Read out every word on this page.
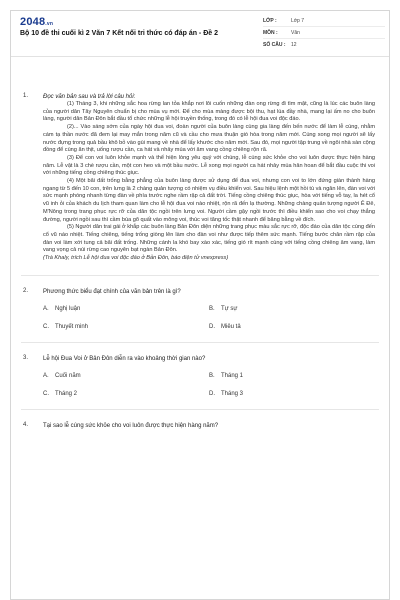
2048.vn
Bộ 10 đề thi cuối kì 2 Văn 7 Kết nối tri thức có đáp án - Đề 2
LỚP :	Lớp 7
MÔN :	Văn
SỐ CÂU :	12
1. Đọc văn bản sau và trả lời câu hỏi:

(1) Tháng 3, khi những sắc hoa rừng lan tỏa khắp nơi lôi cuốn những đàn ong rừng đi tìm mật, cũng là lúc các buôn làng của người dân Tây Nguyên chuẩn bị cho mùa vụ mới. Để cho mùa màng được bội thu, hạt lúa đầy nhà, mang lại ấm no cho buôn làng, người dân Bản Đôn bắt đầu tổ chức những lễ hội truyền thống, trong đó có lễ hội đua voi độc đáo.

(2)... Vào sáng sớm của ngày hội đua voi, đoàn người của buôn làng cùng gia làng đến bến nước để làm lễ cúng, nhằm cám tạ thần nước đã đem lại may mắn trong năm cũ và cầu cho mưa thuận gió hòa trong năm mới. Cúng xong mọi người sẽ lấy nước đựng trong quả bầu khô bỏ vào gùi mang về nhà để lấy khước cho năm mới. Sau đó, mọi người tập trung về ngôi nhà sàn cộng đồng để cùng ăn thịt, uống rượu cần, ca hát và nhảy múa với âm vang cồng chiêng rộn rã.

(3) Để con voi luôn khỏe mạnh và thể hiện lòng yêu quý với chúng, lễ cúng sức khỏe cho voi luôn được thực hiện hàng năm. Lễ vật là 3 chè rượu cần, một con heo và một bầu nước. Lễ xong mọi người ca hát nhảy múa hân hoan để bắt đầu cuộc thi voi với những tiếng cồng chiêng thúc giục.

(4) Một bãi đất trống bằng phẳng của buôn làng được sử dụng để đua voi, nhưng con voi to lớn đứng giàn thành hàng ngang từ 5 đến 10 con, trên lưng là 2 chàng quản tượng có nhiệm vụ điều khiển voi. Sau hiệu lệnh một hồi tù và ngân lên, đàn voi với sức mạnh phóng nhanh từng đàn về phía trước nghe rầm rập cả đất trời. Tiếng cồng chiêng thúc giục, hòa với tiếng vỗ tay, la hét cổ vũ inh ỏi của khách du lịch tham quan làm cho lễ hội đua voi nào nhiệt, rộn rã đến lạ thường. Những chàng quản tượng người Ê Đê, M'Nông trong trang phục rực rỡ của dân tộc ngồi trên lưng voi. Người cầm gậy ngồi trước thì điều khiển sao cho voi chạy thẳng đường, người ngồi sau thì cầm búa gõ quất vào mông voi, thúc voi tăng tốc thật nhanh để băng bằng về đích.

(5) Người dân trai gái ở khắp các buôn làng Bản Đôn diện những trang phục màu sắc rực rỡ, độc đáo của dân tộc cùng đến cổ vũ náo nhiệt. Tiếng chiêng, tiếng trống giòng lên làm cho đàn voi như được tiếp thêm sức mạnh. Tiếng bước chân rầm rập của đàn voi làm xới tung cả bãi đất trống. Những cánh la khó bay xào xác, tiếng gió rít mạnh cùng với tiếng cồng chiêng âm vang, làm vang vọng cả núi rừng cao nguyên bạt ngàn Bản Đôn.

(Trà Khaly, trích Lễ hội đua voi độc đáo ở Bản Đôn, báo điện tử vnexpress)

2. Phương thức biểu đạt chính của văn bản trên là gì?
A.	Nghị luận	B.	Tự sự
C.	Thuyết minh	D.	Miêu tả
3. Lễ hội Đua Voi ở Bản Đôn diễn ra vào khoảng thời gian nào?
A.	Cuối năm	B.	Tháng 1
C.	Tháng 2	D.	Tháng 3
4. Tại sao lễ cúng sức khỏe cho voi luôn được thực hiện hàng năm?
